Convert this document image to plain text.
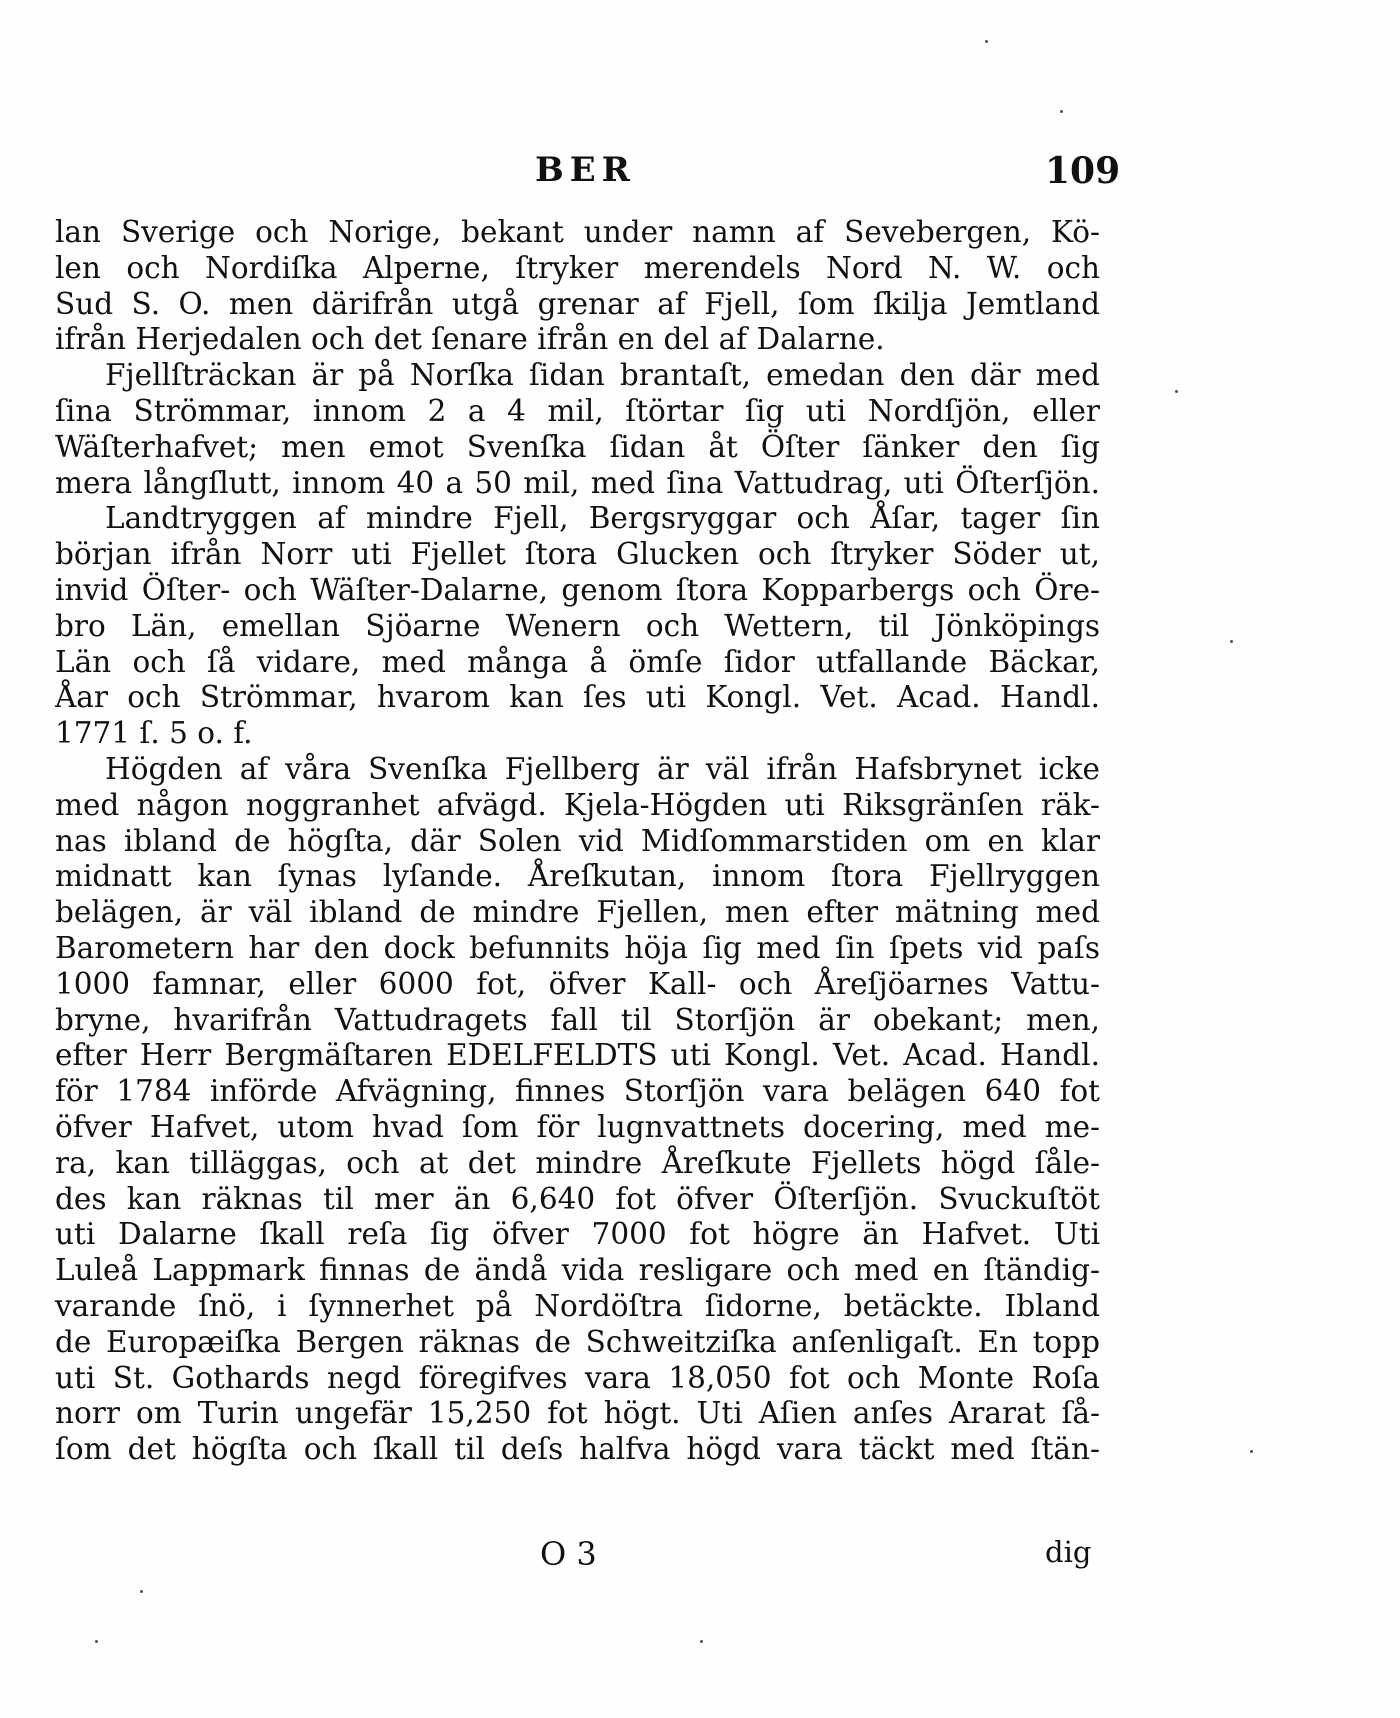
BER	109
lan Sverige och Norige, bekant under namn af Sevebergen, Kö-
len och Nordiſka Alperne, ſtryker merendels Nord N. W. och
Sud S. O. men därifrån utgå grenar af Fjell, ſom ſkilja Jemtland
ifrån Herjedalen och det ſenare ifrån en del af Dalarne.
Fjellſträckan är på Norſka ſidan brantaſt, emedan den där med
ſina Strömmar, innom 2 a 4 mil, ſtörtar ſig uti Nordſjön, eller
Wäſterhafvet; men emot Svenſka ſidan åt Öſter ſänker den ſig
mera långſlutt, innom 40 a 50 mil, med ſina Vattudrag, uti Öſterſjön.
Landtryggen af mindre Fjell, Bergsryggar och Åſar, tager ſin
början ifrån Norr uti Fjellet ſtora Glucken och ſtryker Söder ut,
invid Öſter- och Wäſter-Dalarne, genom ſtora Kopparbergs och Öre-
bro Län, emellan Sjöarne Wenern och Wettern, til Jönköpings
Län och ſå vidare, med många å ömſe ſidor utfallande Bäckar,
Åar och Strömmar, hvarom kan ſes uti Kongl. Vet. Acad. Handl.
1771 ſ. 5 o. f.
Högden af våra Svenſka Fjellberg är väl ifrån Hafsbrynet icke
med någon noggranhet afvägd. Kjela-Högden uti Riksgränſen räk-
nas ibland de högſta, där Solen vid Midſommarstiden om en klar
midnatt kan ſynas lyſande. Åreſkutan, innom ſtora Fjellryggen
belägen, är väl ibland de mindre Fjellen, men efter mätning med
Barometern har den dock befunnits höja ſig med ſin ſpets vid paſs
1000 famnar, eller 6000 fot, öfver Kall- och Åreſjöarnes Vattu-
bryne, hvarifrån Vattudragets fall til Storſjön är obekant; men,
efter Herr Bergmäſtaren EDELFELDTS uti Kongl. Vet. Acad. Handl.
för 1784 införde Afvägning, finnes Storſjön vara belägen 640 fot
öfver Hafvet, utom hvad ſom för lugnvattnets docering, med me-
ra, kan tilläggas, och at det mindre Åreſkute Fjellets högd ſåle-
des kan räknas til mer än 6,640 fot öfver Öſterſjön. Svuckuſtöt
uti Dalarne ſkall reſa ſig öfver 7000 fot högre än Hafvet. Uti
Luleå Lappmark finnas de ändå vida resligare och med en ſtändig-
varande ſnö, i ſynnerhet på Nordöſtra ſidorne, betäckte. Ibland
de Europæiſka Bergen räknas de Schweitziſka anſenligaſt. En topp
uti St. Gothards negd föregifves vara 18,050 fot och Monte Roſa
norr om Turin ungefär 15,250 fot högt. Uti Aſien anſes Ararat ſå-
ſom det högſta och ſkall til deſs halfva högd vara täckt med ſtän-
O 3	dig
